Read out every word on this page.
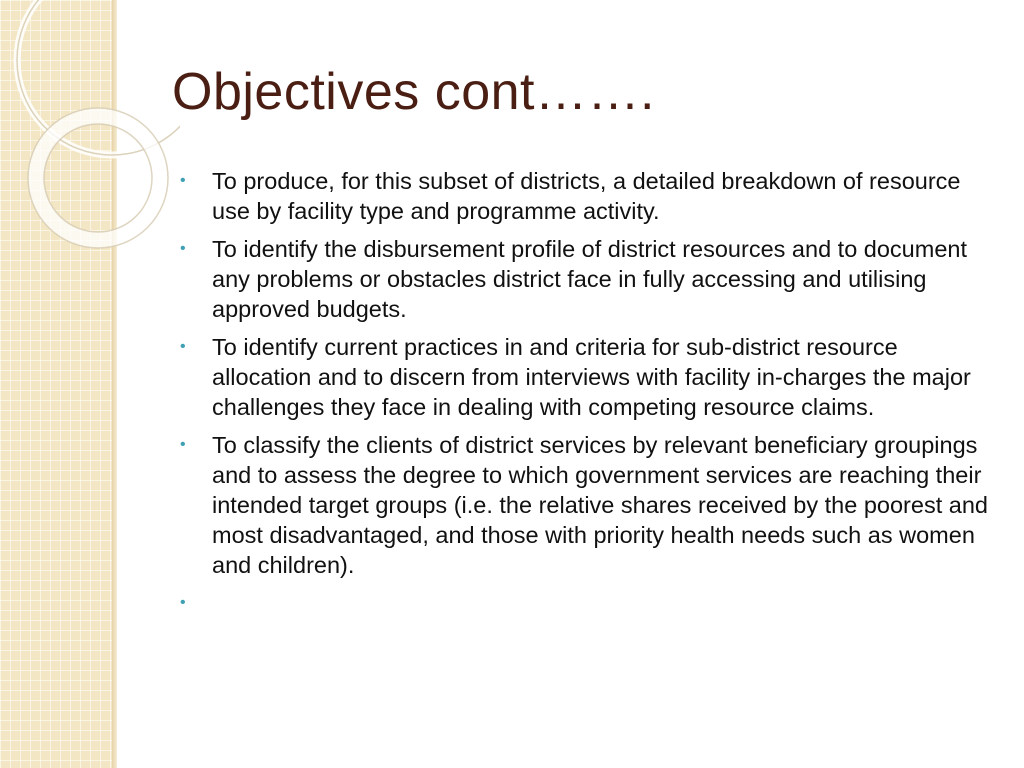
Objectives cont…….
• To produce, for this subset of districts, a detailed breakdown of resource use by facility type and programme activity.
• To identify the disbursement profile of district resources and to document any problems or obstacles district face in fully accessing and utilising approved budgets.
• To identify current practices in and criteria for sub-district resource allocation and to discern from interviews with facility in-charges the major challenges they face in dealing with competing resource claims.
• To classify the clients of district services by relevant beneficiary groupings and to assess the degree to which government services are reaching their intended target groups (i.e. the relative shares received by the poorest and most disadvantaged, and those with priority health needs such as women and children).
•
